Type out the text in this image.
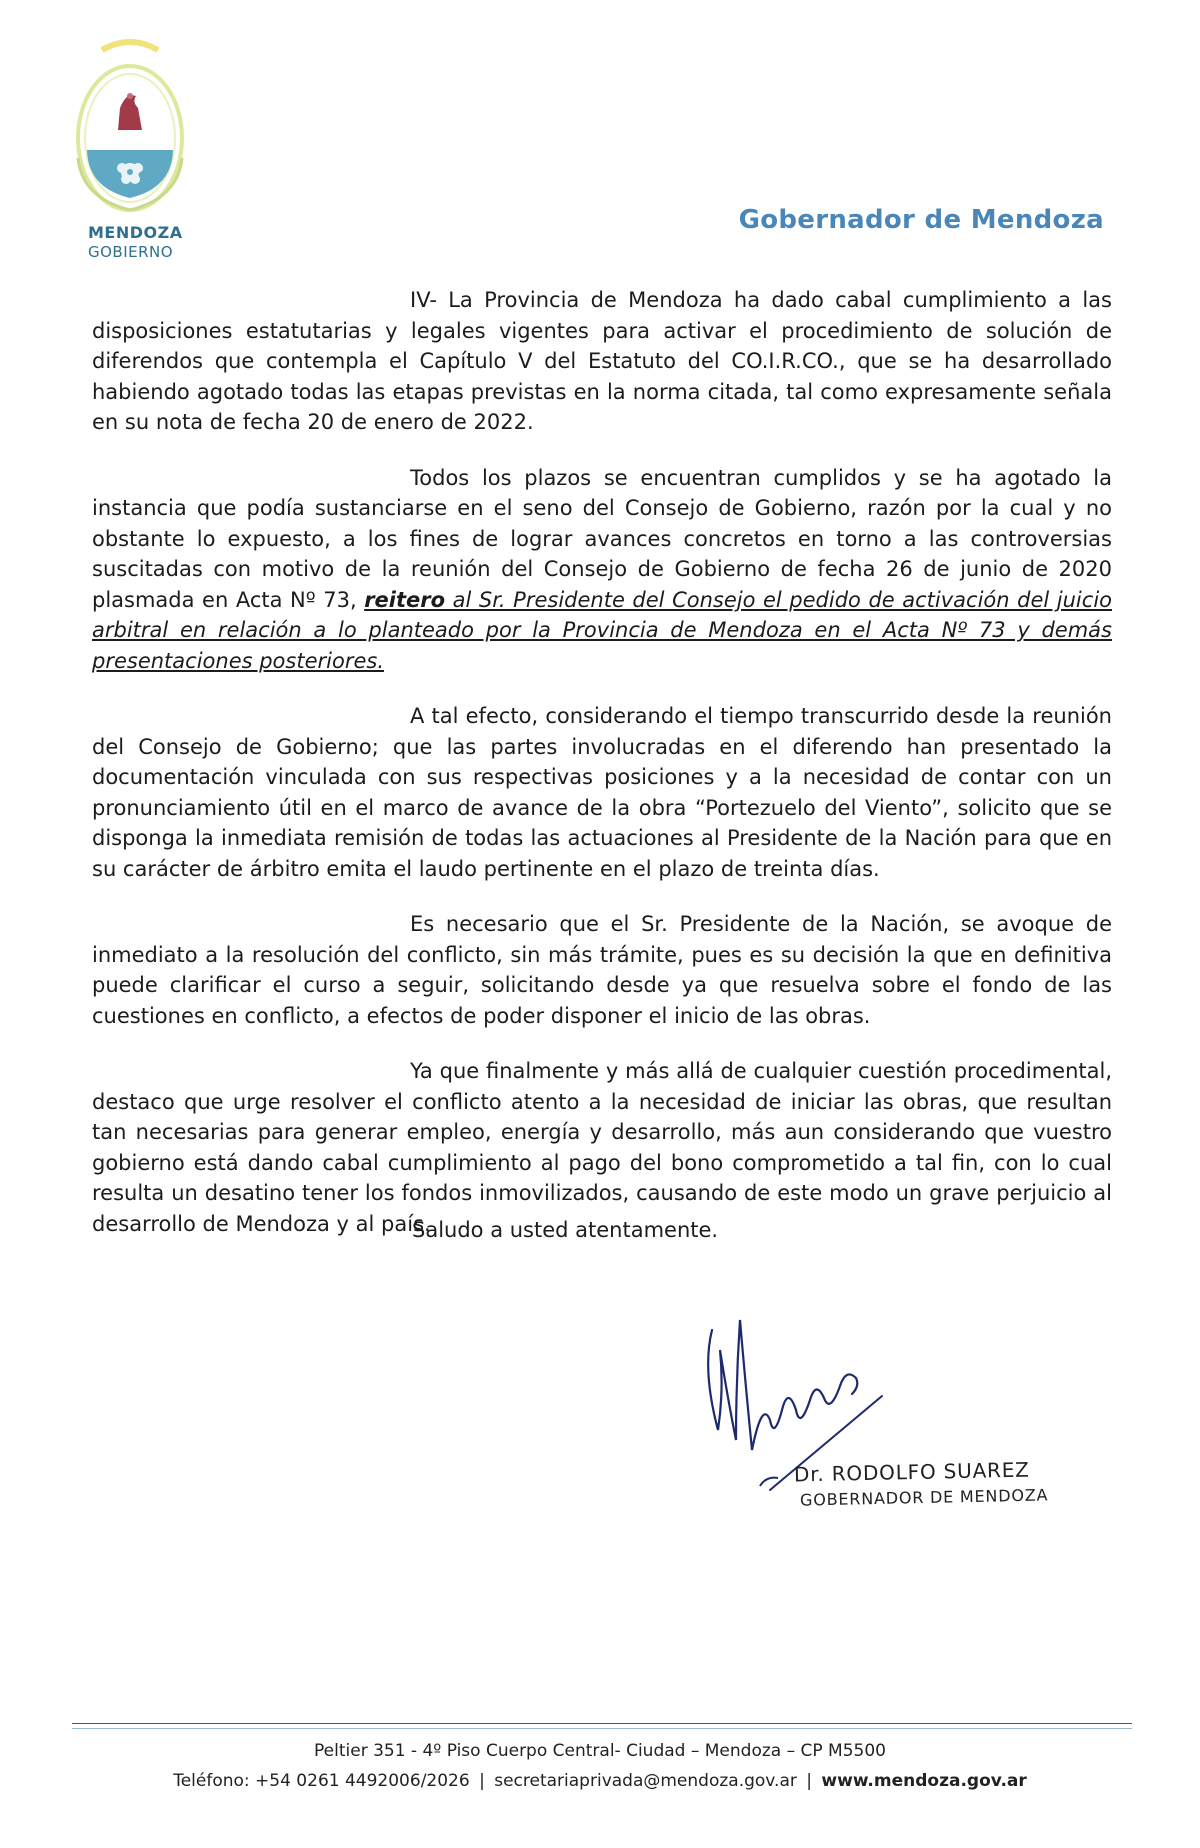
MENDOZA
GOBIERNO
Gobernador de Mendoza

IV- La Provincia de Mendoza ha dado cabal cumplimiento a las disposiciones estatutarias y legales vigentes para activar el procedimiento de solución de diferendos que contempla el Capítulo V del Estatuto del CO.I.R.CO., que se ha desarrollado habiendo agotado todas las etapas previstas en la norma citada, tal como expresamente señala en su nota de fecha 20 de enero de 2022.

Todos los plazos se encuentran cumplidos y se ha agotado la instancia que podía sustanciarse en el seno del Consejo de Gobierno, razón por la cual y no obstante lo expuesto, a los fines de lograr avances concretos en torno a las controversias suscitadas con motivo de la reunión del Consejo de Gobierno de fecha 26 de junio de 2020 plasmada en Acta Nº 73, reitero al Sr. Presidente del Consejo el pedido de activación del juicio arbitral en relación a lo planteado por la Provincia de Mendoza en el Acta Nº 73 y demás presentaciones posteriores.

A tal efecto, considerando el tiempo transcurrido desde la reunión del Consejo de Gobierno; que las partes involucradas en el diferendo han presentado la documentación vinculada con sus respectivas posiciones y a la necesidad de contar con un pronunciamiento útil en el marco de avance de la obra “Portezuelo del Viento”, solicito que se disponga la inmediata remisión de todas las actuaciones al Presidente de la Nación para que en su carácter de árbitro emita el laudo pertinente en el plazo de treinta días.

Es necesario que el Sr. Presidente de la Nación, se avoque de inmediato a la resolución del conflicto, sin más trámite, pues es su decisión la que en definitiva puede clarificar el curso a seguir, solicitando desde ya que resuelva sobre el fondo de las cuestiones en conflicto, a efectos de poder disponer el inicio de las obras.

Ya que finalmente y más allá de cualquier cuestión procedimental, destaco que urge resolver el conflicto atento a la necesidad de iniciar las obras, que resultan tan necesarias para generar empleo, energía y desarrollo, más aun considerando que vuestro gobierno está dando cabal cumplimiento al pago del bono comprometido a tal fin, con lo cual resulta un desatino tener los fondos inmovilizados, causando de este modo un grave perjuicio al desarrollo de Mendoza y al país.

Saludo a usted atentamente.
Dr. RODOLFO SUAREZ
GOBERNADOR DE MENDOZA
Peltier 351 - 4º Piso Cuerpo Central- Ciudad – Mendoza – CP M5500
Teléfono: +54 0261 4492006/2026 | secretariaprivada@mendoza.gov.ar | www.mendoza.gov.ar
